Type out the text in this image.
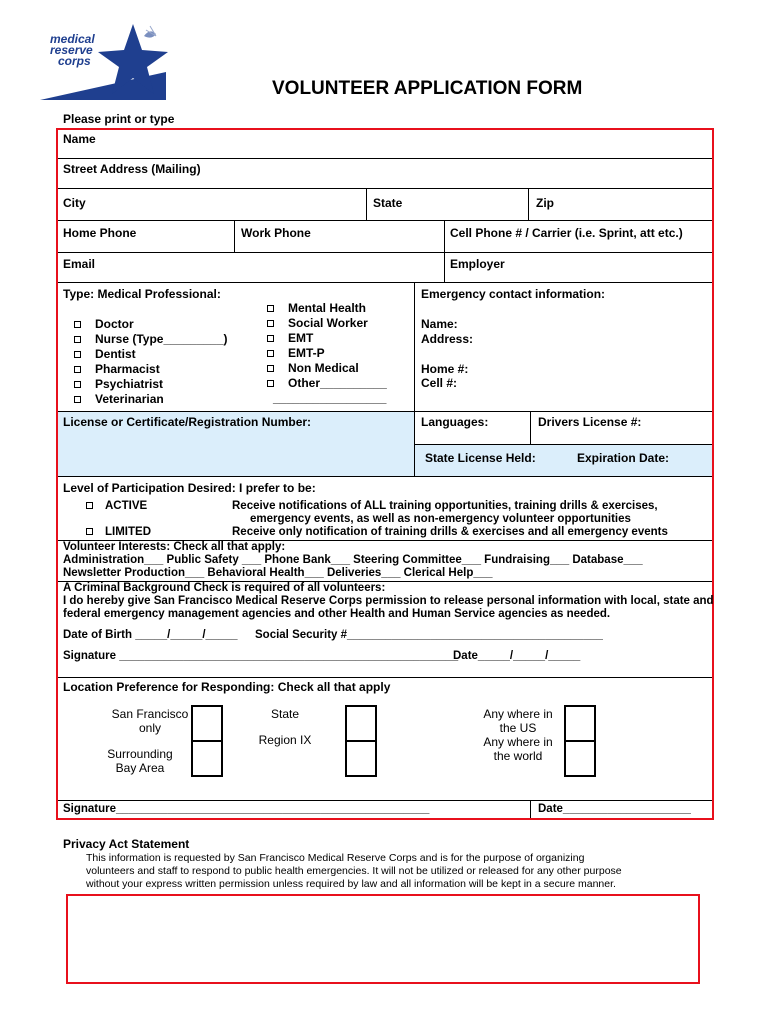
medical
reserve
corps
VOLUNTEER APPLICATION FORM
Please print or type
Name
Street Address (Mailing)
City	State	Zip
Home Phone	Work Phone	Cell Phone # / Carrier (i.e. Sprint, att etc.)
Email	Employer
Type: Medical Professional:
Doctor
Nurse (Type_________)
Dentist
Pharmacist
Psychiatrist
Veterinarian
Mental Health
Social Worker
EMT
EMT-P
Non Medical
Other__________
_________________
Emergency contact information:
Name:
Address:
Home #:
Cell #:
License or Certificate/Registration Number:	Languages:	Drivers License #:
State License Held:	Expiration Date:
Level of Participation Desired: I prefer to be:
ACTIVE	Receive notifications of ALL training opportunities, training drills & exercises,
emergency events, as well as non-emergency volunteer opportunities
LIMITED	Receive only notification of training drills & exercises and all emergency events
Volunteer Interests: Check all that apply:
Administration___ Public Safety ___ Phone Bank___ Steering Committee___ Fundraising___ Database___
Newsletter Production___ Behavioral Health___ Deliveries___ Clerical Help___
A Criminal Background Check is required of all volunteers:
I do hereby give San Francisco Medical Reserve Corps permission to release personal information with local, state and
federal emergency management agencies and other Health and Human Service agencies as needed.
Date of Birth _____/_____/_____ Social Security #________________________________________
Signature _____________________________________________________
Date_____/_____/_____
Location Preference for Responding: Check all that apply
San Francisco
only
Surrounding
Bay Area
State
Region IX
Any where in
the US
Any where in
the world
Signature_________________________________________________	Date____________________
Privacy Act Statement
This information is requested by San Francisco Medical Reserve Corps and is for the purpose of organizing
volunteers and staff to respond to public health emergencies. It will not be utilized or released for any other purpose
without your express written permission unless required by law and all information will be kept in a secure manner.
